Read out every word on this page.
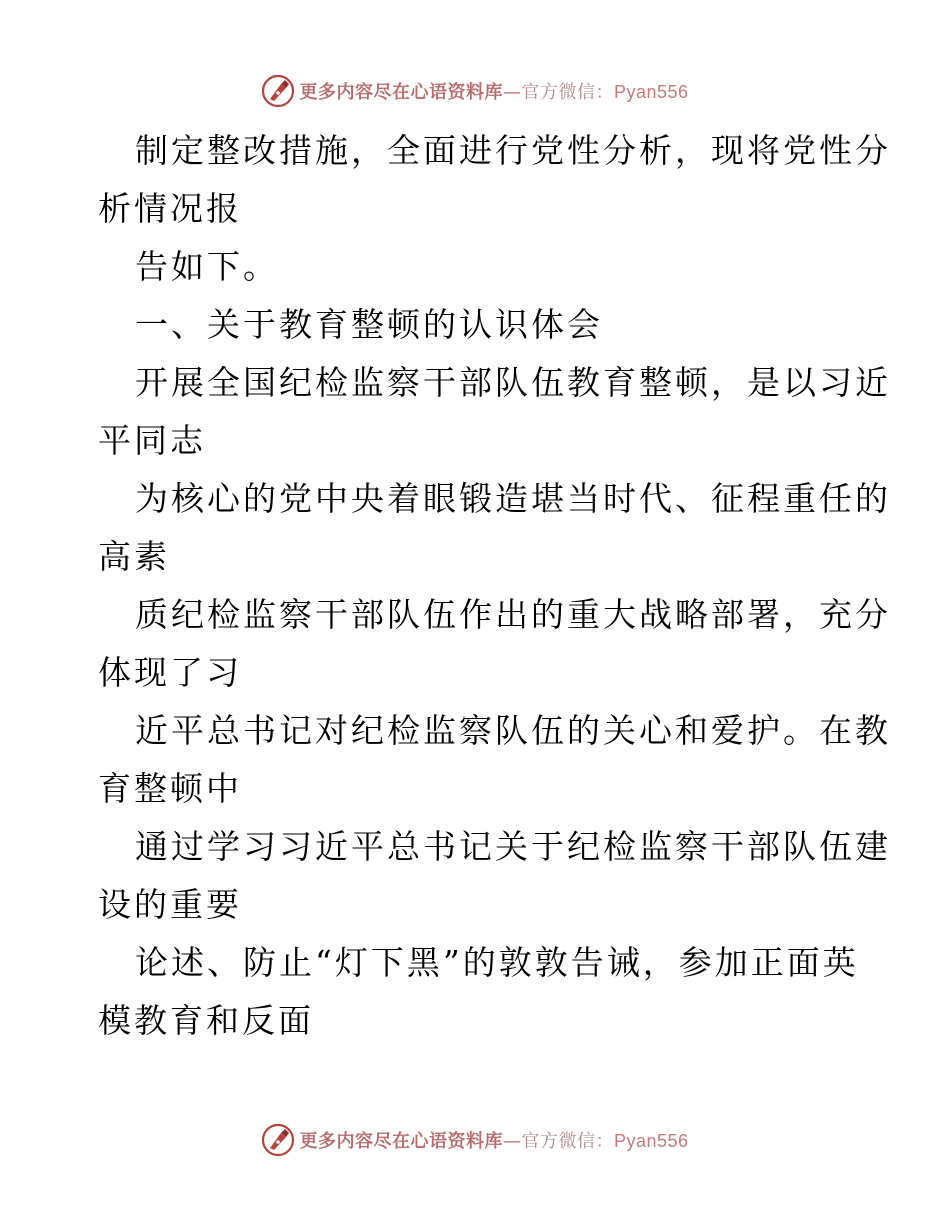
更多内容尽在心语资料库—官方微信：Pyan556
制定整改措施，全面进行党性分析，现将党性分
析情况报
告如下。
一、关于教育整顿的认识体会
开展全国纪检监察干部队伍教育整顿，是以习近
平同志
为核心的党中央着眼锻造堪当时代、征程重任的
高素
质纪检监察干部队伍作出的重大战略部署，充分
体现了习
近平总书记对纪检监察队伍的关心和爱护。在教
育整顿中
通过学习习近平总书记关于纪检监察干部队伍建
设的重要
论述、防止“灯下黑”的敦敦告诫，参加正面英
模教育和反面
更多内容尽在心语资料库—官方微信：Pyan556
